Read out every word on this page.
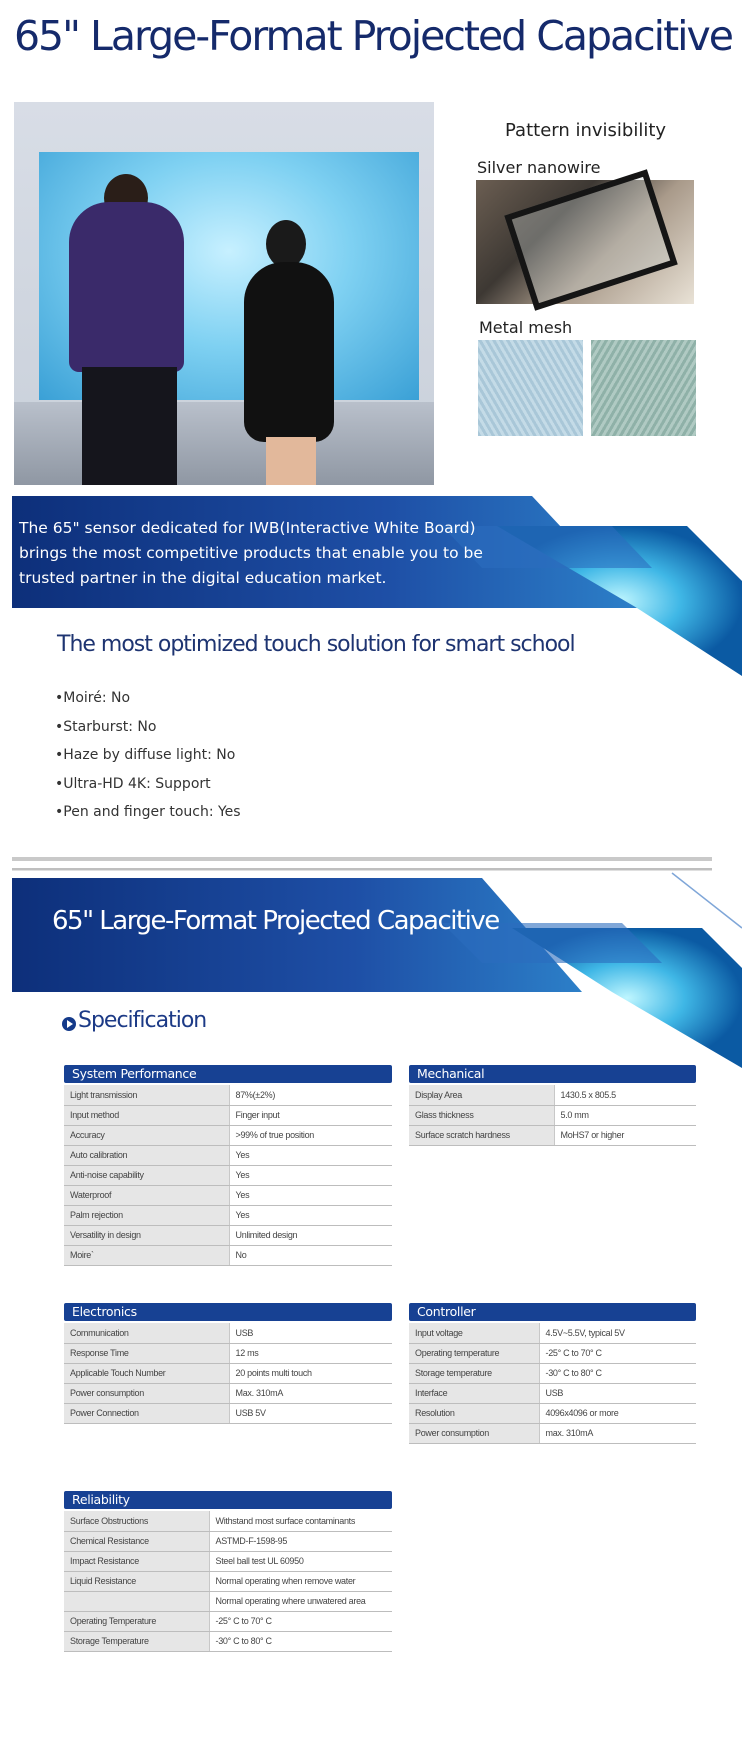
65" Large-Format Projected Capacitive
Pattern invisibility
Silver nanowire
Metal mesh
The 65" sensor dedicated for IWB(Interactive White Board)
brings the most competitive products that enable you to be
trusted partner in the digital education market.
The most optimized touch solution for smart school
•Moiré: No
•Starburst: No
•Haze by diffuse light: No
•Ultra-HD 4K: Support
•Pen and finger touch: Yes
65" Large-Format Projected Capacitive
Specification
System Performance
Light transmission	87%(±2%)
Input method	Finger input
Accuracy	>99% of true position
Auto calibration	Yes
Anti-noise capability	Yes
Waterproof	Yes
Palm rejection	Yes
Versatility in design	Unlimited design
Moire`	No
Mechanical
Display Area	1430.5 x 805.5
Glass thickness	5.0 mm
Surface scratch hardness	MoHS7 or higher
Electronics
Communication	USB
Response Time	12 ms
Applicable Touch Number	20 points multi touch
Power consumption	Max. 310mA
Power Connection	USB 5V
Controller
Input voltage	4.5V~5.5V, typical 5V
Operating temperature	-25° C to 70° C
Storage temperature	-30° C to 80° C
Interface	USB
Resolution	4096x4096 or more
Power consumption	max. 310mA
Reliability
Surface Obstructions	Withstand most surface contaminants
Chemical Resistance	ASTMD-F-1598-95
Impact Resistance	Steel ball test UL 60950
Liquid Resistance	Normal operating when remove water
	Normal operating where unwatered area
Operating Temperature	-25° C to 70° C
Storage Temperature	-30° C to 80° C
